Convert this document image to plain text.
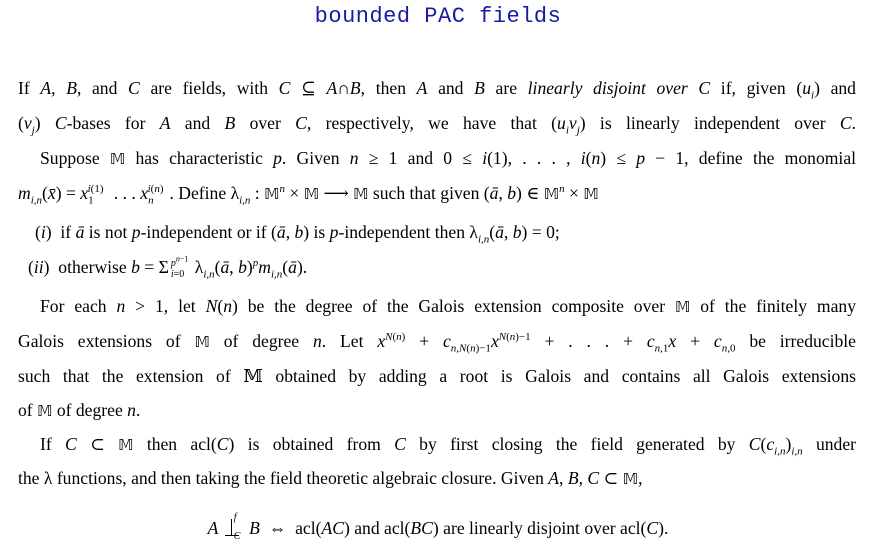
bounded PAC fields
If A, B, and C are fields, with C ⊆ A∩B, then A and B are linearly disjoint over C if, given $(u_i)$ and
$(v_j)$ C-bases for A and B over C, respectively, we have that $(u_iv_j)$ is linearly independent over C.
Suppose 𝕄 has characteristic p. Given n ≥ 1 and 0 ≤ i(1), . . . , i(n) ≤ p − 1, define the monomial
$m_{i,n}(x̄) = x_1^{i(1)}$ . . . $x_n^{i(n)}$ . Define $\lambda_{i,n}$ : 𝕄$^n$ × 𝕄 ⟶ 𝕄 such that given (ā, b) ∈ 𝕄$^n$ × 𝕄
(i)  if ā is not p-independent or if (ā, b) is p-independent then $\lambda_{i,n}(ā$, b) = 0;
(ii)  otherwise b = Σ $p^{n-1}$
i=0 $\lambda_{i,n}(ā$, $b)^pm_{i,n}(ā)$.
For each n > 1, let N(n) be the degree of the Galois extension composite over 𝕄 of the finitely many
Galois extensions of 𝕄 of degree n. Let $x^{N(n)} + c_{n,N(n)-1}x^{N(n)-1}$ + . . . + $c_{n,1}x + c_{n,0}$ be irreducible
such that the extension of 𝕄 obtained by adding a root is Galois and contains all Galois extensions
of 𝕄 of degree n.
If C ⊂ 𝕄 then acl(C) is obtained from C by first closing the field generated by $C(c_{i,n})_{i,n}$ under
the λ functions, and then taking the field theoretic algebraic closure. Given A, B, C ⊂ 𝕄,
A
f
C B  ⇔  acl(AC) and acl(BC) are linearly disjoint over acl(C).
